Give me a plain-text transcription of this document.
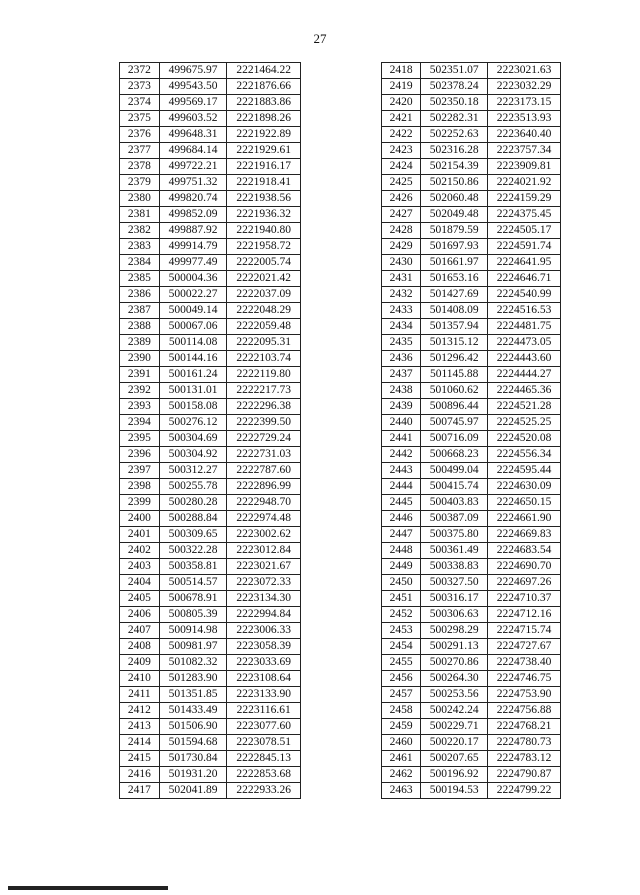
27
2372	499675.97	2221464.22
2373	499543.50	2221876.66
2374	499569.17	2221883.86
2375	499603.52	2221898.26
2376	499648.31	2221922.89
2377	499684.14	2221929.61
2378	499722.21	2221916.17
2379	499751.32	2221918.41
2380	499820.74	2221938.56
2381	499852.09	2221936.32
2382	499887.92	2221940.80
2383	499914.79	2221958.72
2384	499977.49	2222005.74
2385	500004.36	2222021.42
2386	500022.27	2222037.09
2387	500049.14	2222048.29
2388	500067.06	2222059.48
2389	500114.08	2222095.31
2390	500144.16	2222103.74
2391	500161.24	2222119.80
2392	500131.01	2222217.73
2393	500158.08	2222296.38
2394	500276.12	2222399.50
2395	500304.69	2222729.24
2396	500304.92	2222731.03
2397	500312.27	2222787.60
2398	500255.78	2222896.99
2399	500280.28	2222948.70
2400	500288.84	2222974.48
2401	500309.65	2223002.62
2402	500322.28	2223012.84
2403	500358.81	2223021.67
2404	500514.57	2223072.33
2405	500678.91	2223134.30
2406	500805.39	2222994.84
2407	500914.98	2223006.33
2408	500981.97	2223058.39
2409	501082.32	2223033.69
2410	501283.90	2223108.64
2411	501351.85	2223133.90
2412	501433.49	2223116.61
2413	501506.90	2223077.60
2414	501594.68	2223078.51
2415	501730.84	2222845.13
2416	501931.20	2222853.68
2417	502041.89	2222933.26
2418	502351.07	2223021.63
2419	502378.24	2223032.29
2420	502350.18	2223173.15
2421	502282.31	2223513.93
2422	502252.63	2223640.40
2423	502316.28	2223757.34
2424	502154.39	2223909.81
2425	502150.86	2224021.92
2426	502060.48	2224159.29
2427	502049.48	2224375.45
2428	501879.59	2224505.17
2429	501697.93	2224591.74
2430	501661.97	2224641.95
2431	501653.16	2224646.71
2432	501427.69	2224540.99
2433	501408.09	2224516.53
2434	501357.94	2224481.75
2435	501315.12	2224473.05
2436	501296.42	2224443.60
2437	501145.88	2224444.27
2438	501060.62	2224465.36
2439	500896.44	2224521.28
2440	500745.97	2224525.25
2441	500716.09	2224520.08
2442	500668.23	2224556.34
2443	500499.04	2224595.44
2444	500415.74	2224630.09
2445	500403.83	2224650.15
2446	500387.09	2224661.90
2447	500375.80	2224669.83
2448	500361.49	2224683.54
2449	500338.83	2224690.70
2450	500327.50	2224697.26
2451	500316.17	2224710.37
2452	500306.63	2224712.16
2453	500298.29	2224715.74
2454	500291.13	2224727.67
2455	500270.86	2224738.40
2456	500264.30	2224746.75
2457	500253.56	2224753.90
2458	500242.24	2224756.88
2459	500229.71	2224768.21
2460	500220.17	2224780.73
2461	500207.65	2224783.12
2462	500196.92	2224790.87
2463	500194.53	2224799.22
